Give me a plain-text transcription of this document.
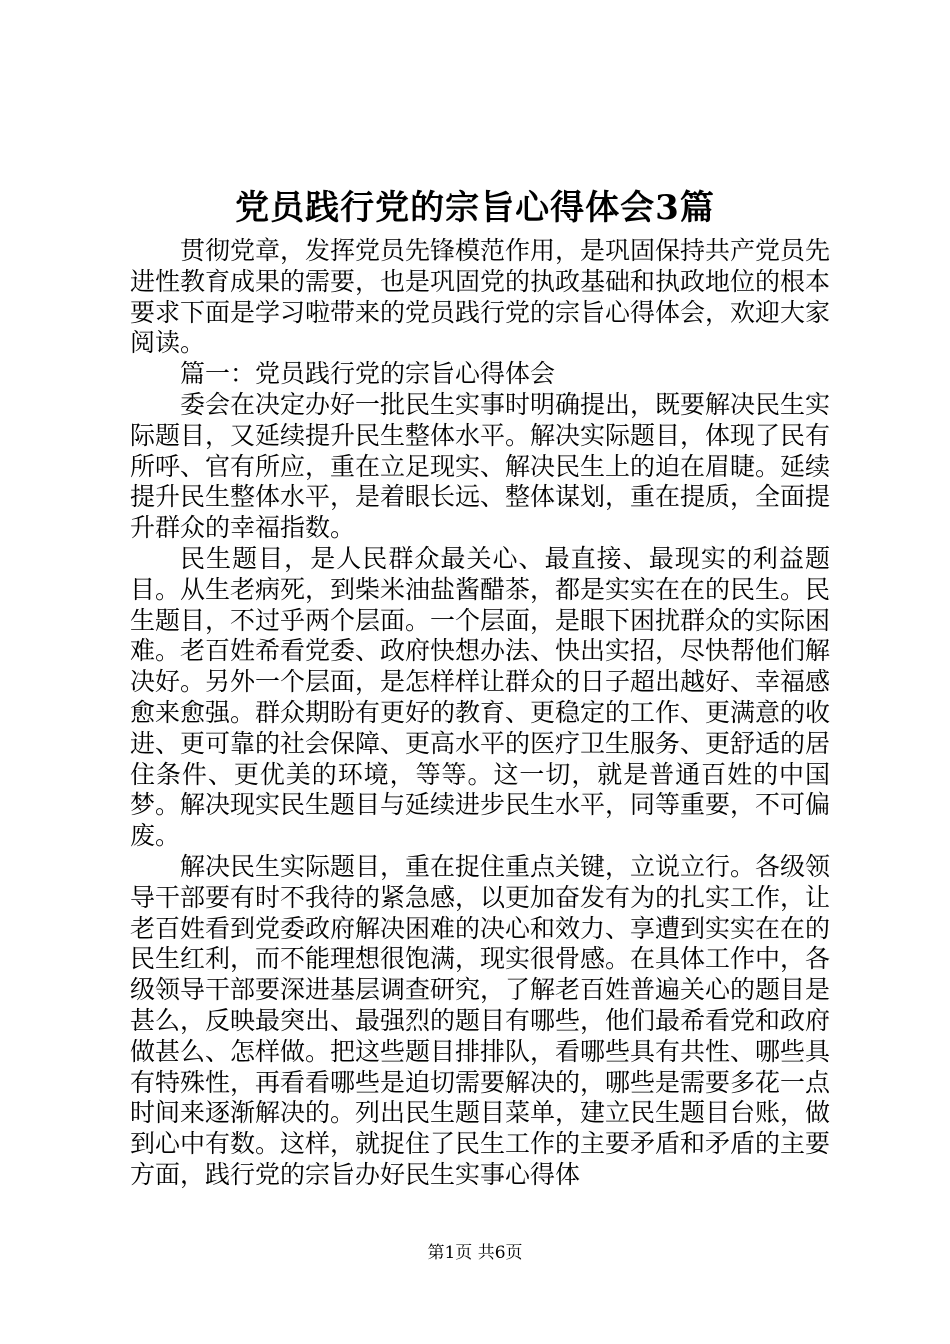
党员践行党的宗旨心得体会3篇

贯彻党章，发挥党员先锋模范作用，是巩固保持共产党员先进性教育成果的需要，也是巩固党的执政基础和执政地位的根本要求下面是学习啦带来的党员践行党的宗旨心得体会，欢迎大家阅读。

篇一：党员践行党的宗旨心得体会

委会在决定办好一批民生实事时明确提出，既要解决民生实际题目，又延续提升民生整体水平。解决实际题目，体现了民有所呼、官有所应，重在立足现实、解决民生上的迫在眉睫。延续提升民生整体水平，是着眼长远、整体谋划，重在提质，全面提升群众的幸福指数。

民生题目，是人民群众最关心、最直接、最现实的利益题目。从生老病死，到柴米油盐酱醋茶，都是实实在在的民生。民生题目，不过乎两个层面。一个层面，是眼下困扰群众的实际困难。老百姓希看党委、政府快想办法、快出实招，尽快帮他们解决好。另外一个层面，是怎样样让群众的日子超出越好、幸福感愈来愈强。群众期盼有更好的教育、更稳定的工作、更满意的收进、更可靠的社会保障、更高水平的医疗卫生服务、更舒适的居住条件、更优美的环境，等等。这一切，就是普通百姓的中国梦。解决现实民生题目与延续进步民生水平，同等重要，不可偏废。

解决民生实际题目，重在捉住重点关键，立说立行。各级领导干部要有时不我待的紧急感，以更加奋发有为的扎实工作，让老百姓看到党委政府解决困难的决心和效力、享遭到实实在在的民生红利，而不能理想很饱满，现实很骨感。在具体工作中，各级领导干部要深进基层调查研究，了解老百姓普遍关心的题目是甚么，反映最突出、最强烈的题目有哪些，他们最希看党和政府做甚么、怎样做。把这些题目排排队，看哪些具有共性、哪些具有特殊性，再看看哪些是迫切需要解决的，哪些是需要多花一点时间来逐渐解决的。列出民生题目菜单，建立民生题目台账，做到心中有数。这样，就捉住了民生工作的主要矛盾和矛盾的主要方面，践行党的宗旨办好民生实事心得体

第1页 共6页
